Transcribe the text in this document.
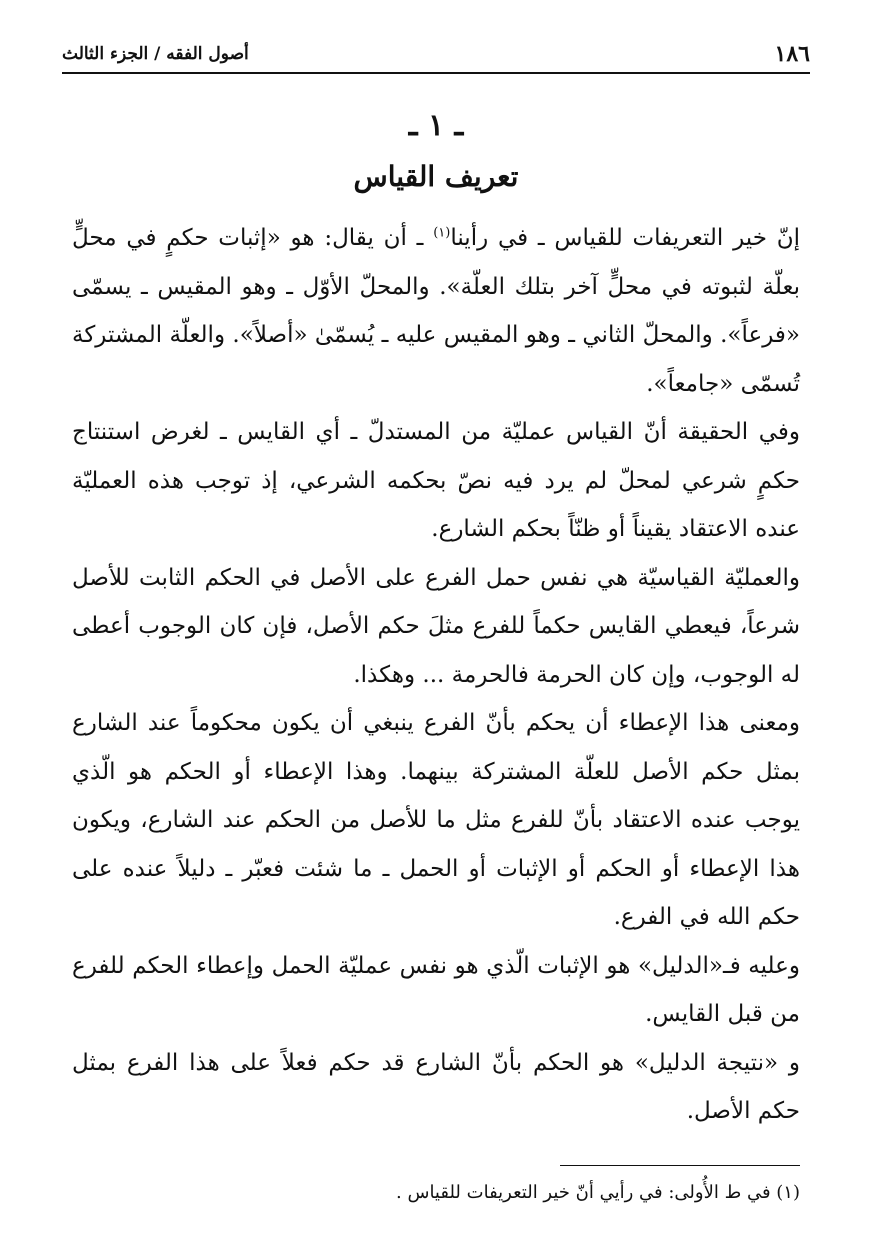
١٨٦
أصول الفقه / الجزء الثالث
ـ ١ ـ
تعريف القياس

إنّ خير التعريفات للقياس ـ في رأينا$^{(١)}$ ـ أن يقال: هو «إثبات حكمٍ في محلٍّ بعلّة لثبوته في محلٍّ آخر بتلك العلّة». والمحلّ الأوّل ـ وهو المقيس ـ يسمّى «فرعاً». والمحلّ الثاني ـ وهو المقيس عليه ـ يُسمّىٰ «أصلاً». والعلّة المشتركة تُسمّى «جامعاً».

وفي الحقيقة أنّ القياس عمليّة من المستدلّ ـ أي القايس ـ لغرض استنتاج حكمٍ شرعي لمحلّ لم يرد فيه نصّ بحكمه الشرعي، إذ توجب هذه العمليّة عنده الاعتقاد يقيناً أو ظنّاً بحكم الشارع.

والعمليّة القياسيّة هي نفس حمل الفرع على الأصل في الحكم الثابت للأصل شرعاً، فيعطي القايس حكماً للفرع مثلَ حكم الأصل، فإن كان الوجوب أعطى له الوجوب، وإن كان الحرمة فالحرمة ... وهكذا.

ومعنى هذا الإعطاء أن يحكم بأنّ الفرع ينبغي أن يكون محكوماً عند الشارع بمثل حكم الأصل للعلّة المشتركة بينهما. وهذا الإعطاء أو الحكم هو الّذي يوجب عنده الاعتقاد بأنّ للفرع مثل ما للأصل من الحكم عند الشارع، ويكون هذا الإعطاء أو الحكم أو الإثبات أو الحمل ـ ما شئت فعبّر ـ دليلاً عنده على حكم الله في الفرع.

وعليه فـ«الدليل» هو الإثبات الّذي هو نفس عمليّة الحمل وإعطاء الحكم للفرع من قبل القايس.

و «نتيجة الدليل» هو الحكم بأنّ الشارع قد حكم فعلاً على هذا الفرع بمثل حكم الأصل.

(١) في ط الأُولى: في رأيي أنّ خير التعريفات للقياس .
